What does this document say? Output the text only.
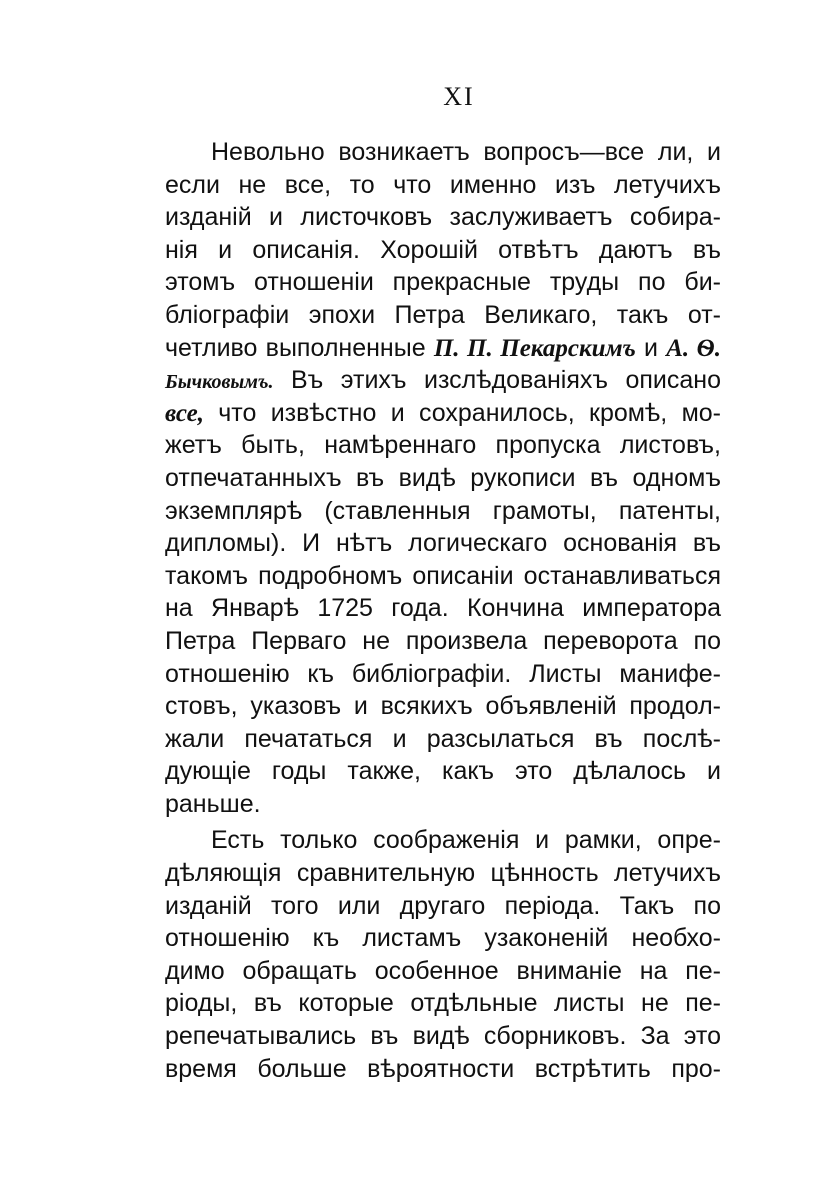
XI
Невольно возникаетъ вопросъ—все ли, и
если не все, то что именно изъ летучихъ
изданій и листочковъ заслуживаетъ собира-
нія и описанія. Хорошій отвѣтъ даютъ въ
этомъ отношеніи прекрасные труды по би-
бліографіи эпохи Петра Великаго, такъ от-
четливо выполненные П. П. Пекарскимъ и А. Ѳ.
Бычковымъ. Въ этихъ изслѣдованіяхъ описано
все, что извѣстно и сохранилось, кромѣ, мо-
жетъ быть, намѣреннаго пропуска листовъ,
отпечатанныхъ въ видѣ рукописи въ одномъ
экземплярѣ (ставленныя грамоты, патенты,
дипломы). И нѣтъ логическаго основанія въ
такомъ подробномъ описаніи останавливаться
на Январѣ 1725 года. Кончина императора
Петра Перваго не произвела переворота по
отношенію къ библіографіи. Листы манифе-
стовъ, указовъ и всякихъ объявленій продол-
жали печататься и разсылаться въ послѣ-
дующіе годы также, какъ это дѣлалось и
раньше.
Есть только соображенія и рамки, опре-
дѣляющія сравнительную цѣнность летучихъ
изданій того или другаго періода. Такъ по
отношенію къ листамъ узаконеній необхо-
димо обращать особенное вниманіе на пе-
ріоды, въ которые отдѣльные листы не пе-
репечатывались въ видѣ сборниковъ. За это
время больше вѣроятности встрѣтить про-
